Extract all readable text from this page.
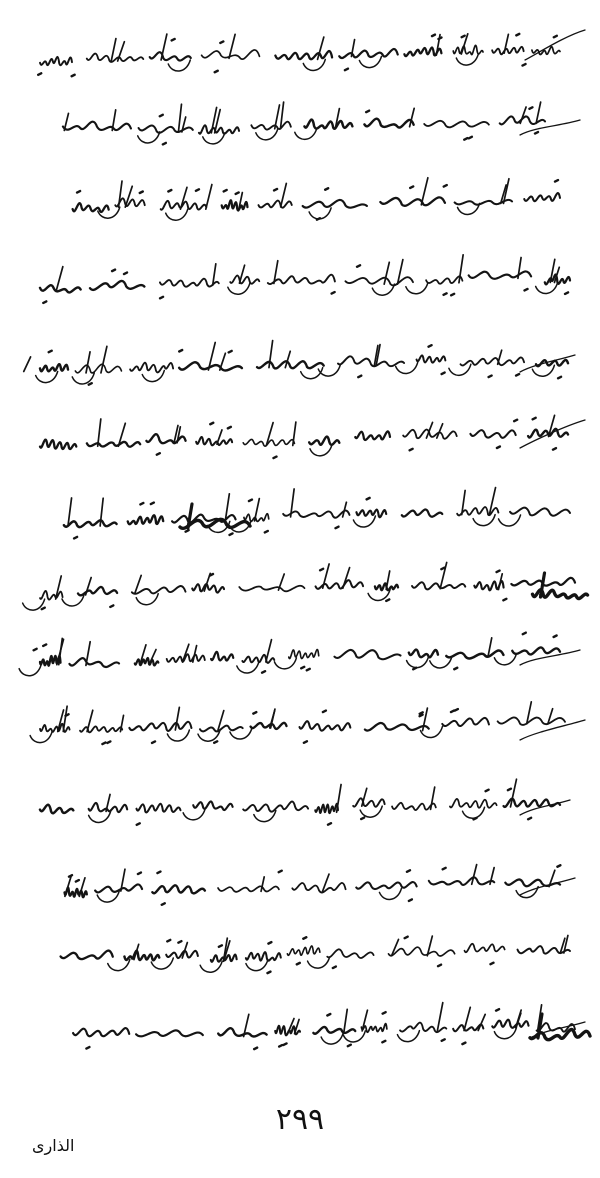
۲۹۹
الذاری
